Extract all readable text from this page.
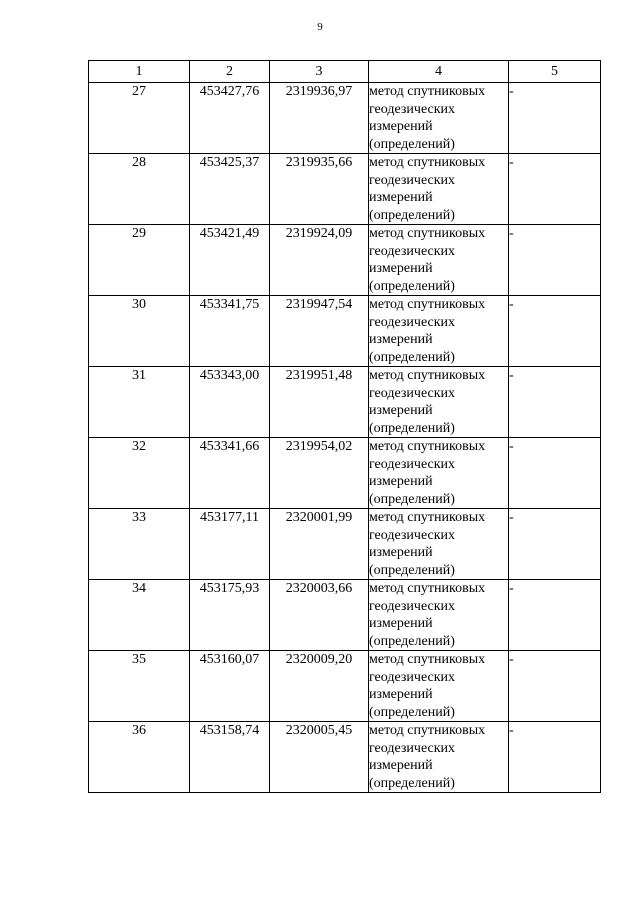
9
1	2	3	4	5
27	453427,76	2319936,97	метод спутниковых
геодезических
измерений
(определений)	-
28	453425,37	2319935,66	метод спутниковых
геодезических
измерений
(определений)	-
29	453421,49	2319924,09	метод спутниковых
геодезических
измерений
(определений)	-
30	453341,75	2319947,54	метод спутниковых
геодезических
измерений
(определений)	-
31	453343,00	2319951,48	метод спутниковых
геодезических
измерений
(определений)	-
32	453341,66	2319954,02	метод спутниковых
геодезических
измерений
(определений)	-
33	453177,11	2320001,99	метод спутниковых
геодезических
измерений
(определений)	-
34	453175,93	2320003,66	метод спутниковых
геодезических
измерений
(определений)	-
35	453160,07	2320009,20	метод спутниковых
геодезических
измерений
(определений)	-
36	453158,74	2320005,45	метод спутниковых
геодезических
измерений
(определений)	-
